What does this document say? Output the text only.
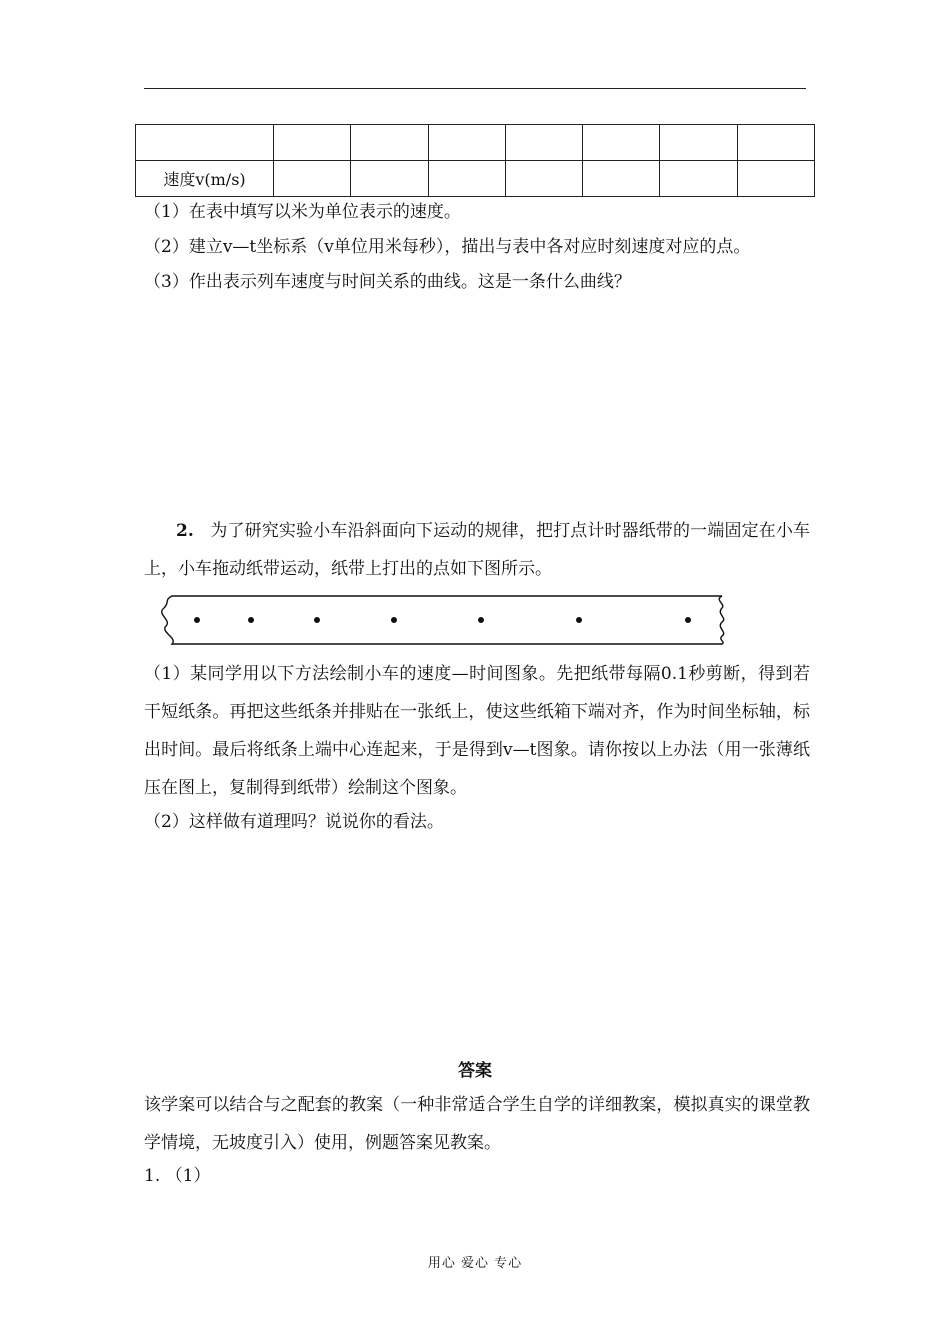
速度v(m/s)							
（1）在表中填写以米为单位表示的速度。
（2）建立v—t坐标系（v单位用米每秒），描出与表中各对应时刻速度对应的点。
（3）作出表示列车速度与时间关系的曲线。这是一条什么曲线？
2. 为了研究实验小车沿斜面向下运动的规律，把打点计时器纸带的一端固定在小车上，小车拖动纸带运动，纸带上打出的点如下图所示。
（1）某同学用以下方法绘制小车的速度—时间图象。先把纸带每隔0.1秒剪断，得到若干短纸条。再把这些纸条并排贴在一张纸上，使这些纸箱下端对齐，作为时间坐标轴，标出时间。最后将纸条上端中心连起来，于是得到v—t图象。请你按以上办法（用一张薄纸压在图上，复制得到纸带）绘制这个图象。
（2）这样做有道理吗？说说你的看法。
答案
该学案可以结合与之配套的教案（一种非常适合学生自学的详细教案，模拟真实的课堂教学情境，无坡度引入）使用，例题答案见教案。
1. （1）
用心 爱心 专心
